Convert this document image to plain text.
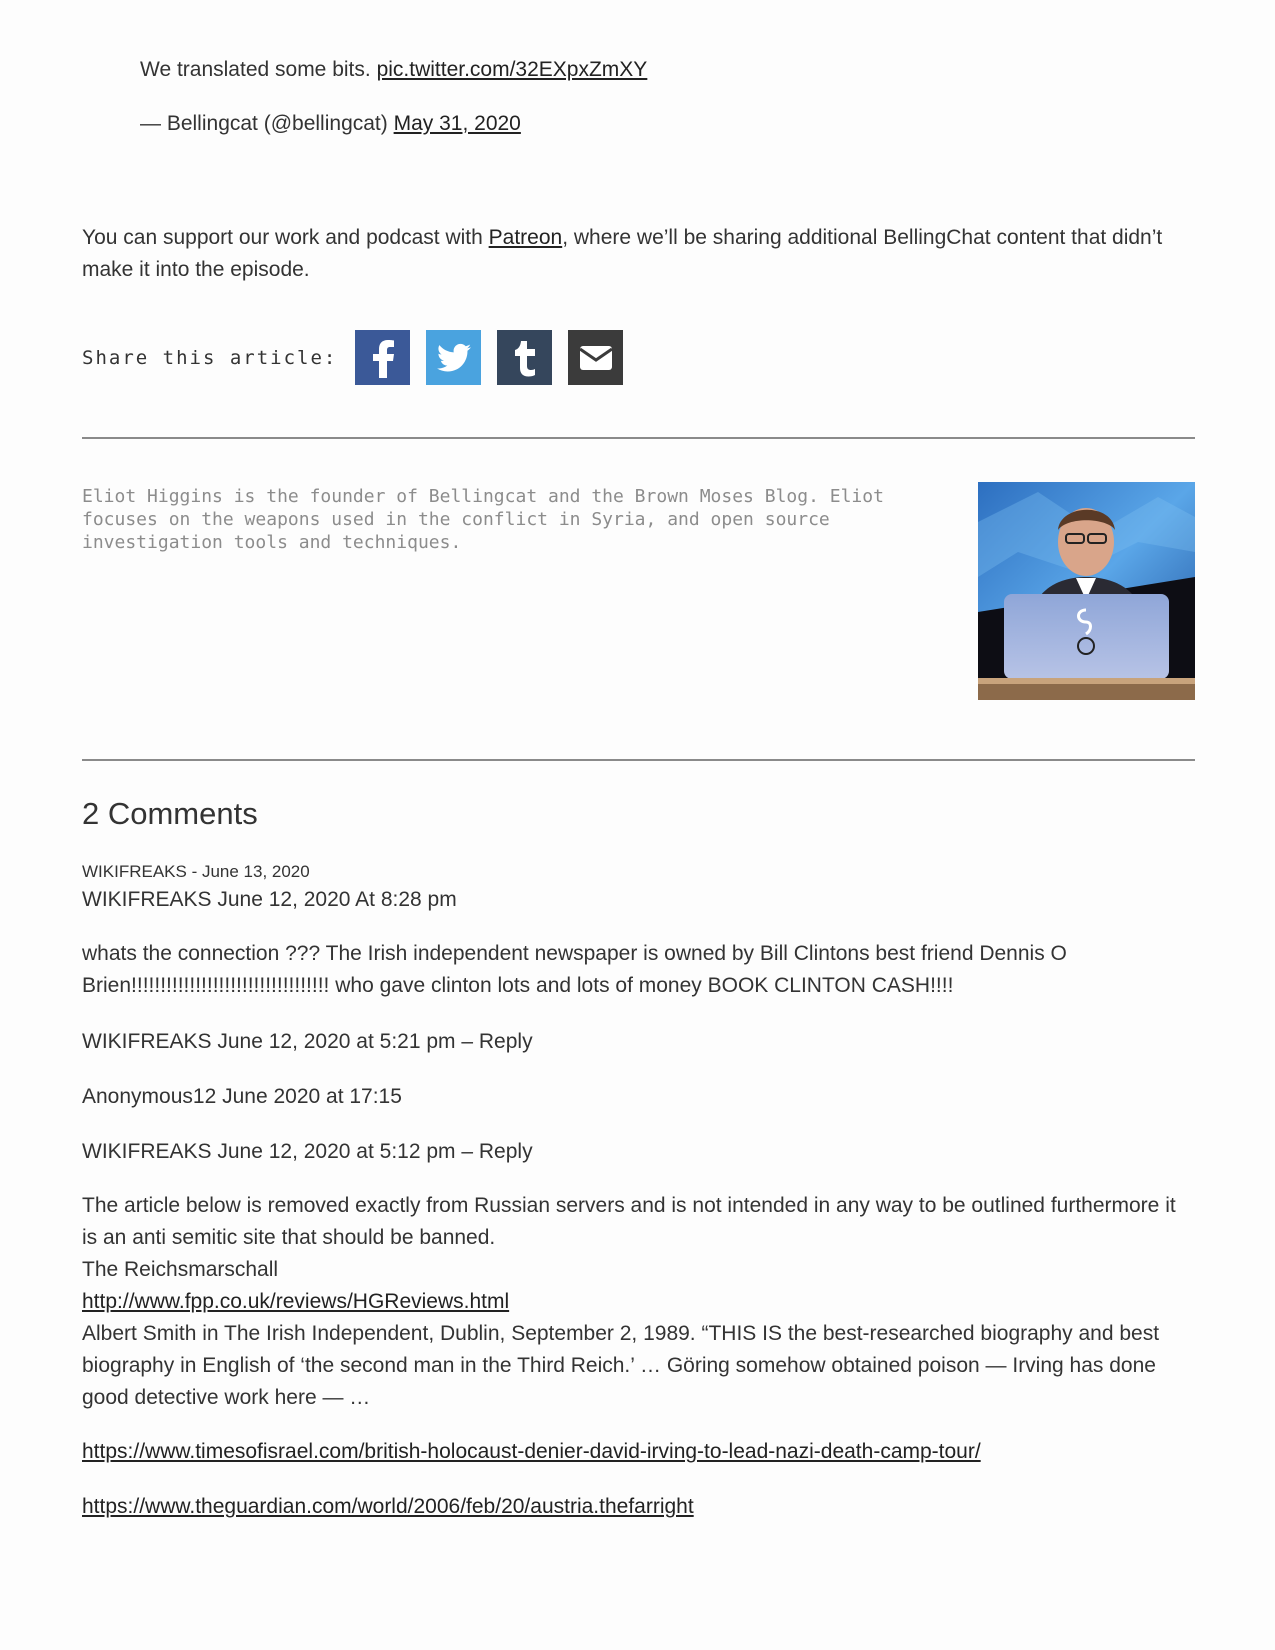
We translated some bits. pic.twitter.com/32EXpxZmXY
— Bellingcat (@bellingcat) May 31, 2020
You can support our work and podcast with Patreon, where we’ll be sharing additional BellingChat content that didn’t make it into the episode.
Share this article:
Eliot Higgins is the founder of Bellingcat and the Brown Moses Blog. Eliot focuses on the weapons used in the conflict in Syria, and open source investigation tools and techniques.
2 Comments
WIKIFREAKS - June 13, 2020
WIKIFREAKS June 12, 2020 At 8:28 pm
whats the connection ??? The Irish independent newspaper is owned by Bill Clintons best friend Dennis O Brien!!!!!!!!!!!!!!!!!!!!!!!!!!!!!!!!!! who gave clinton lots and lots of money BOOK CLINTON CASH!!!!
WIKIFREAKS June 12, 2020 at 5:21 pm – Reply
Anonymous12 June 2020 at 17:15
WIKIFREAKS June 12, 2020 at 5:12 pm – Reply

The article below is removed exactly from Russian servers and is not intended in any way to be outlined furthermore it is an anti semitic site that should be banned.

The Reichsmarschall

http://www.fpp.co.uk/reviews/HGReviews.html

Albert Smith in The Irish Independent, Dublin, September 2, 1989. “THIS IS the best-researched biography and best biography in English of ‘the second man in the Third Reich.’ … Göring somehow obtained poison — Irving has done good detective work here — …

https://www.timesofisrael.com/british-holocaust-denier-david-irving-to-lead-nazi-death-camp-tour/
https://www.theguardian.com/world/2006/feb/20/austria.thefarright
